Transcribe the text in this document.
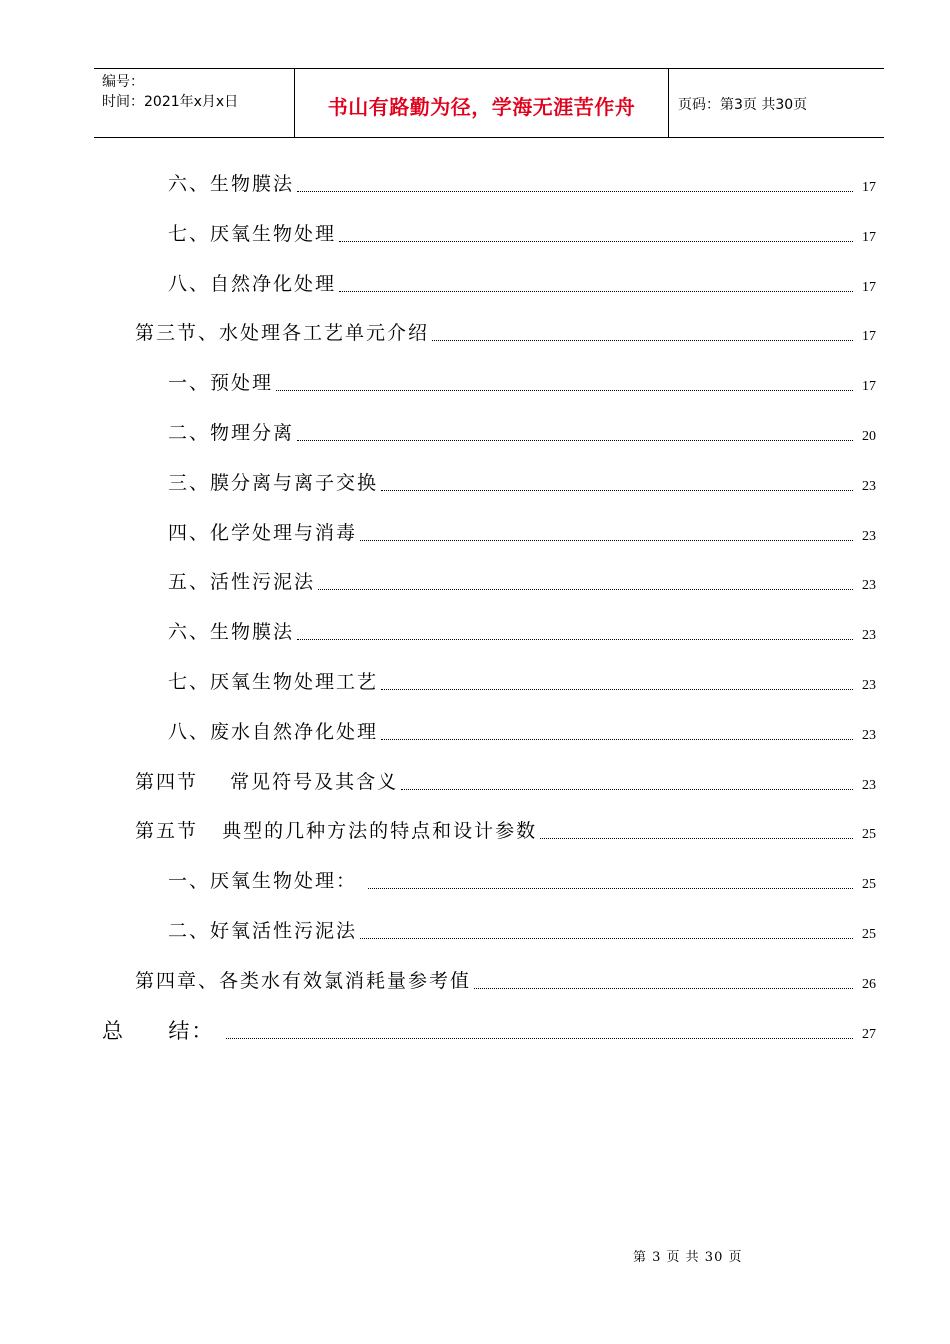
编号：
时间：2021年x月x日	书山有路勤为径，学海无涯苦作舟	页码：第3页 共30页
六、生物膜法	17
七、厌氧生物处理	17
八、自然净化处理	17
第三节、水处理各工艺单元介绍	17
一、预处理	17
二、物理分离	20
三、膜分离与离子交换	23
四、化学处理与消毒	23
五、活性污泥法	23
六、生物膜法	23
七、厌氧生物处理工艺	23
八、废水自然净化处理	23
第四节    常见符号及其含义	23
第五节   典型的几种方法的特点和设计参数	25
一、厌氧生物处理：	25
二、好氧活性污泥法	25
第四章、各类水有效氯消耗量参考值	26
总     结：	27
第 3 页 共 30 页
